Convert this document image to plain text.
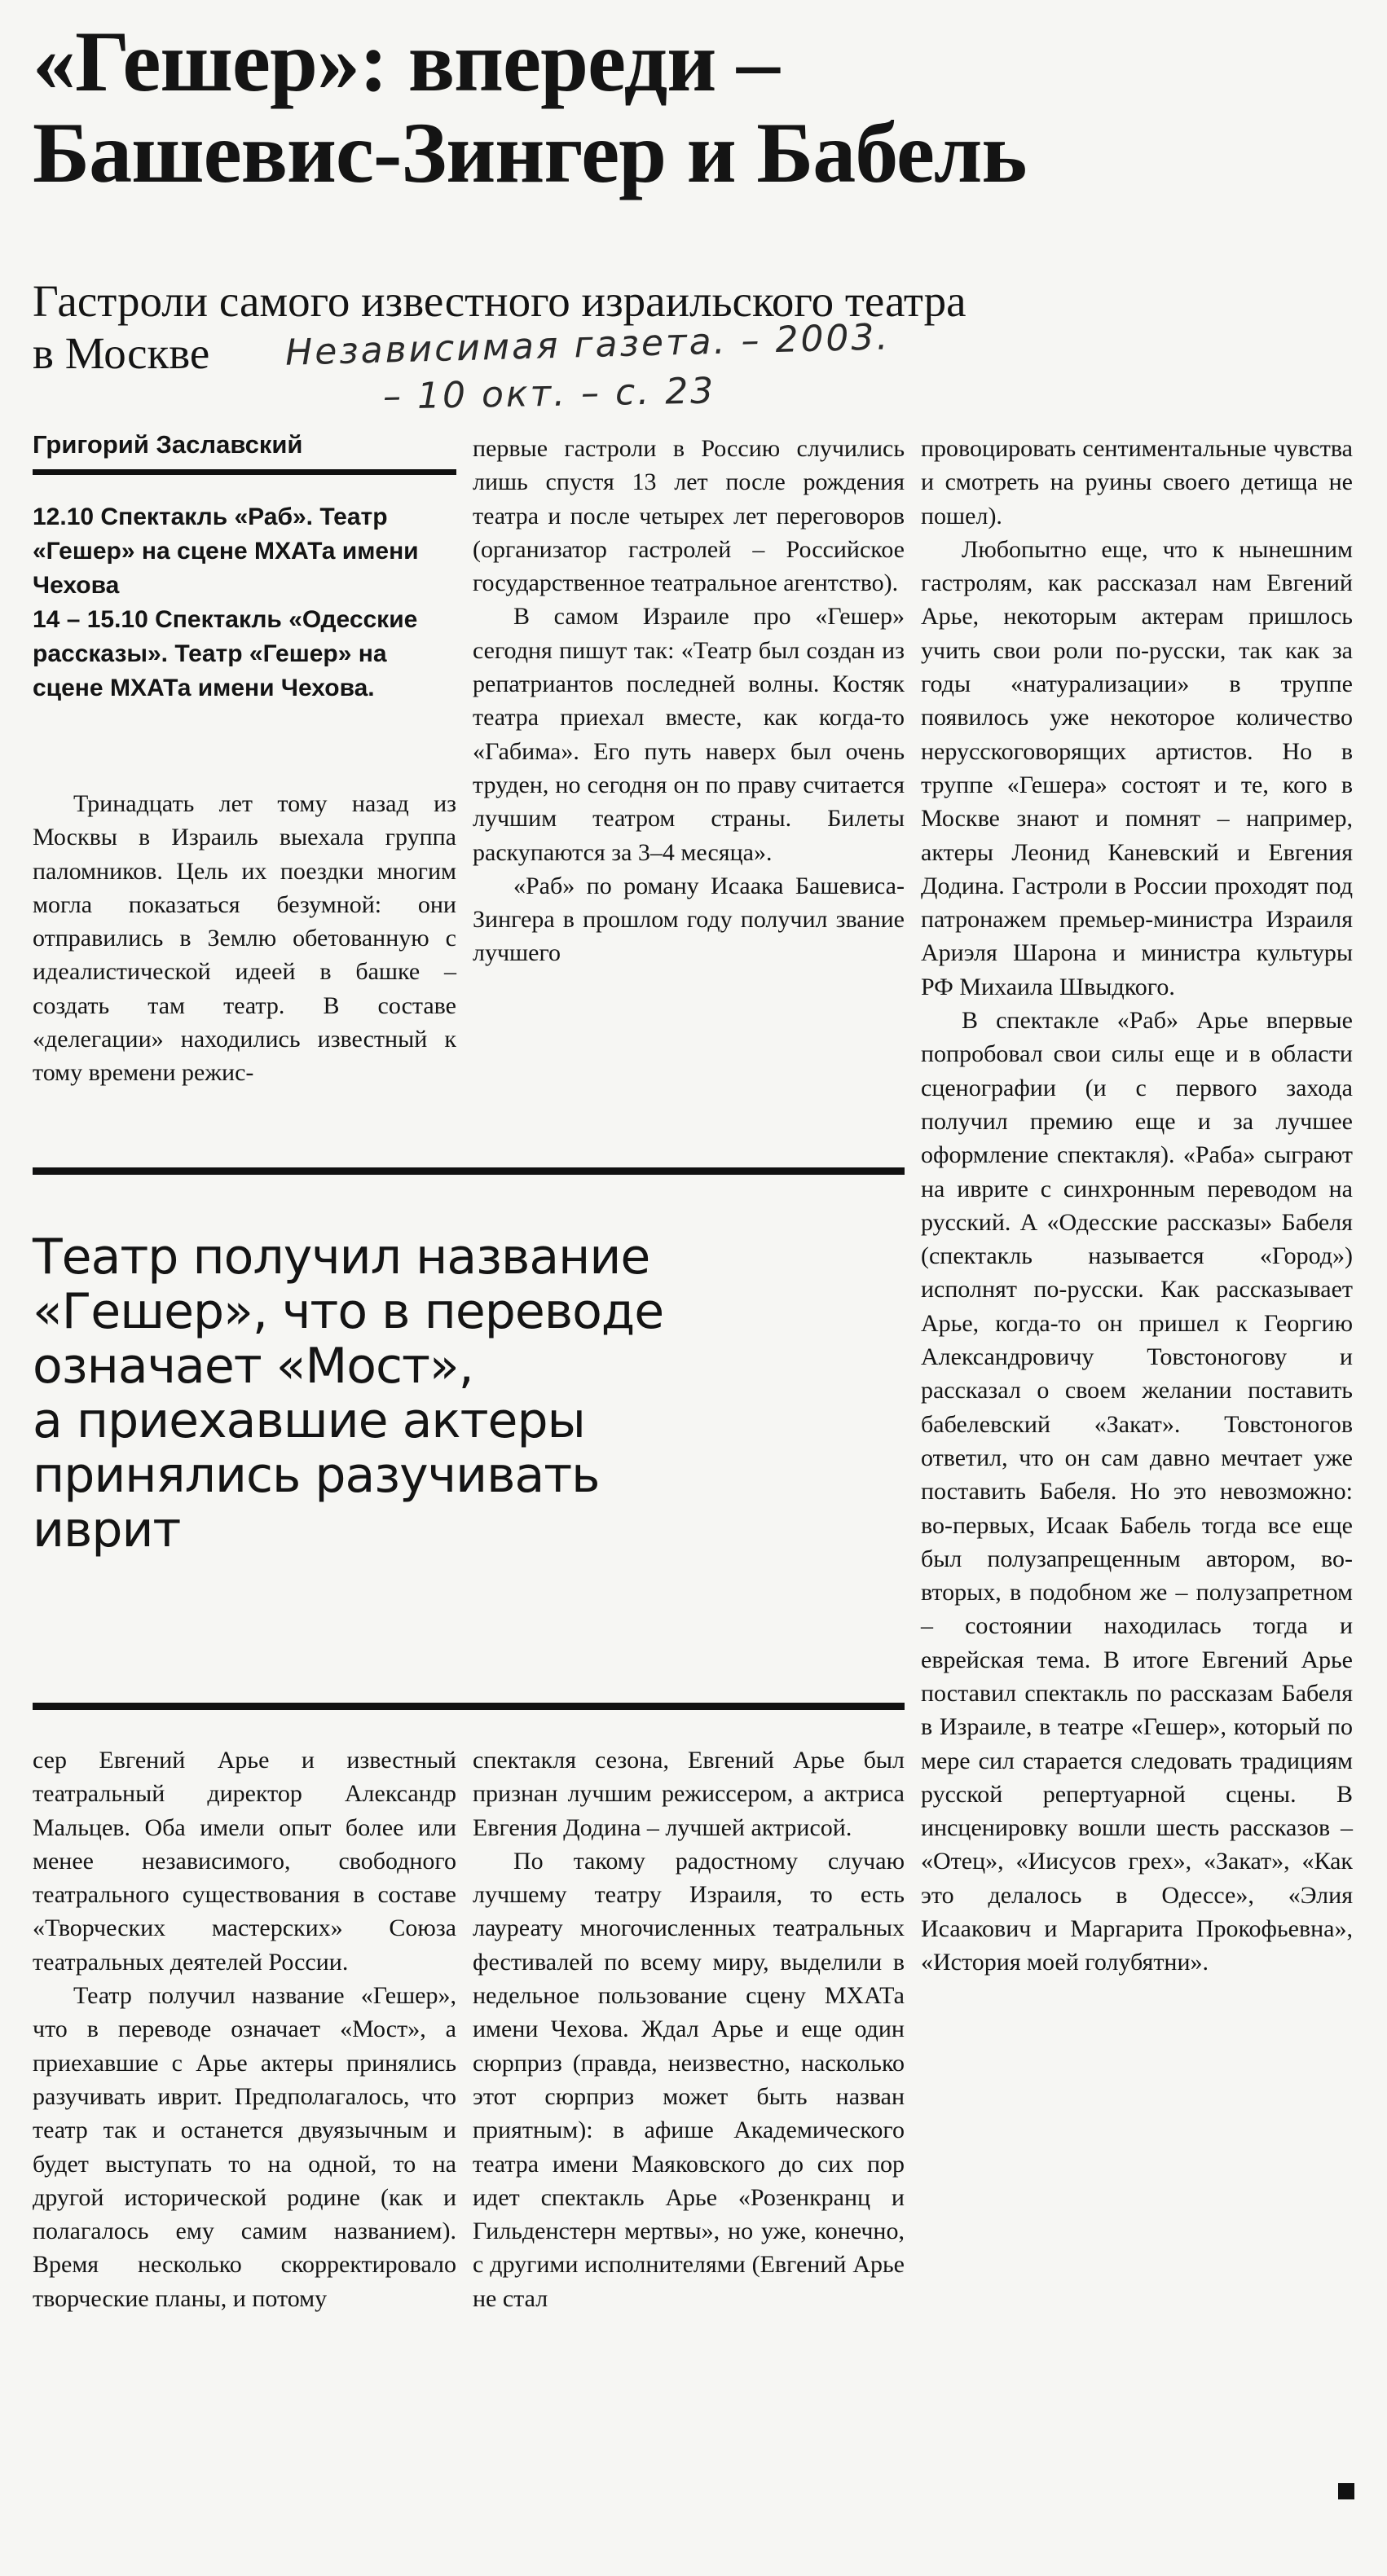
«Гешер»: впереди –
Башевис-Зингер и Бабель
Гастроли самого известного израильского театра
в Москве	Независимая газета. – 2003.
– 10 окт. – с. 23
Григорий Заславский

12.10 Спектакль «Раб». Театр «Гешер» на сцене МХАТа имени Чехова

14 – 15.10 Спектакль «Одесские рассказы». Театр «Гешер» на сцене МХАТа имени Чехова.

Тринадцать лет тому назад из Москвы в Израиль выехала группа паломников. Цель их поездки многим могла показаться безумной: они отправились в Землю обетованную с идеалистической идеей в башке – создать там театр. В составе «делегации» находились известный к тому времени режис-

первые гастроли в Россию случились лишь спустя 13 лет после рождения театра и после четырех лет переговоров (организатор гастролей – Российское государственное театральное агентство).

В самом Израиле про «Гешер» сегодня пишут так: «Театр был создан из репатриантов последней волны. Костяк театра приехал вместе, как когда-то «Габима». Его путь наверх был очень труден, но сегодня он по праву считается лучшим театром страны. Билеты раскупаются за 3–4 месяца».

«Раб» по роману Исаака Башевиса-Зингера в прошлом году получил звание лучшего

Театр получил название
«Гешер», что в переводе
означает «Мост»,
а приехавшие актеры
принялись разучивать
иврит

сер Евгений Арье и известный театральный директор Александр Мальцев. Оба имели опыт более или менее независимого, свободного театрального существования в составе «Творческих мастерских» Союза театральных деятелей России.

Театр получил название «Гешер», что в переводе означает «Мост», а приехавшие с Арье актеры принялись разучивать иврит. Предполагалось, что театр так и останется двуязычным и будет выступать то на одной, то на другой исторической родине (как и полагалось ему самим названием). Время несколько скорректировало творческие планы, и потому

спектакля сезона, Евгений Арье был признан лучшим режиссером, а актриса Евгения Додина – лучшей актрисой.

По такому радостному случаю лучшему театру Израиля, то есть лауреату многочисленных театральных фестивалей по всему миру, выделили в недельное пользование сцену МХАТа имени Чехова. Ждал Арье и еще один сюрприз (правда, неизвестно, насколько этот сюрприз может быть назван приятным): в афише Академического театра имени Маяковского до сих пор идет спектакль Арье «Розенкранц и Гильденстерн мертвы», но уже, конечно, с другими исполнителями (Евгений Арье не стал

провоцировать сентиментальные чувства и смотреть на руины своего детища не пошел).

Любопытно еще, что к нынешним гастролям, как рассказал нам Евгений Арье, некоторым актерам пришлось учить свои роли по-русски, так как за годы «натурализации» в труппе появилось уже некоторое количество нерусскоговорящих артистов. Но в труппе «Гешера» состоят и те, кого в Москве знают и помнят – например, актеры Леонид Каневский и Евгения Додина. Гастроли в России проходят под патронажем премьер-министра Израиля Ариэля Шарона и министра культуры РФ Михаила Швыдкого.

В спектакле «Раб» Арье впервые попробовал свои силы еще и в области сценографии (и с первого захода получил премию еще и за лучшее оформление спектакля). «Раба» сыграют на иврите с синхронным переводом на русский. А «Одесские рассказы» Бабеля (спектакль называется «Город») исполнят по-русски. Как рассказывает Арье, когда-то он пришел к Георгию Александровичу Товстоногову и рассказал о своем желании поставить бабелевский «Закат». Товстоногов ответил, что он сам давно мечтает уже поставить Бабеля. Но это невозможно: во-первых, Исаак Бабель тогда все еще был полузапрещенным автором, во-вторых, в подобном же – полузапретном – состоянии находилась тогда и еврейская тема. В итоге Евгений Арье поставил спектакль по рассказам Бабеля в Израиле, в театре «Гешер», который по мере сил старается следовать традициям русской репертуарной сцены. В инсценировку вошли шесть рассказов – «Отец», «Иисусов грех», «Закат», «Как это делалось в Одессе», «Элия Исаакович и Маргарита Прокофьевна», «История моей голубятни».
